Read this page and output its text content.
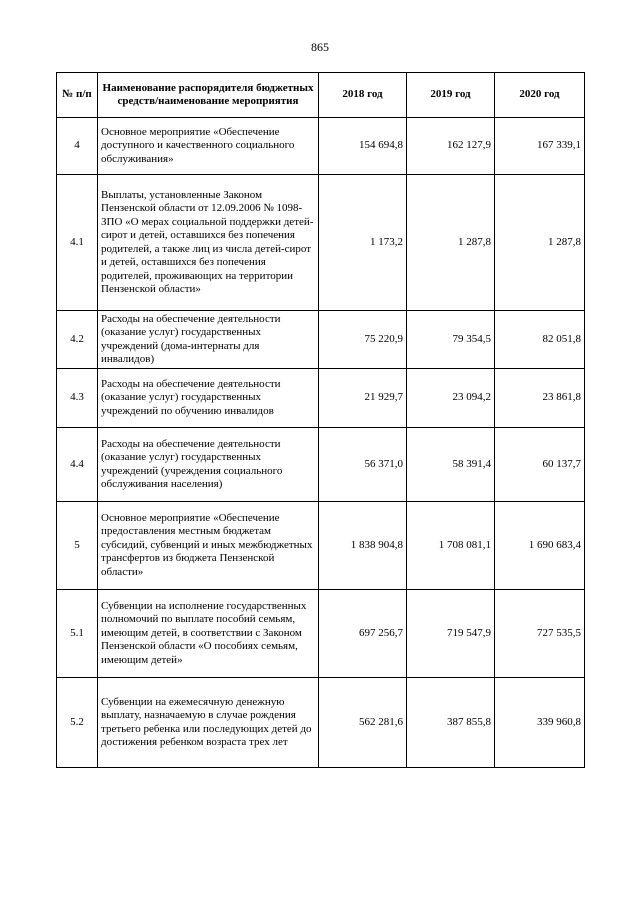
865
№ п/п	Наименование распорядителя бюджетных средств/наименование мероприятия	2018 год	2019 год	2020 год
4	Основное мероприятие «Обеспечение доступного и качественного социального обслуживания»	154 694,8	162 127,9	167 339,1
4.1	Выплаты, установленные Законом Пензенской области от 12.09.2006 № 1098-ЗПО «О мерах социальной поддержки детей-сирот и детей, оставшихся без попечения родителей, а также лиц из числа детей-сирот и детей, оставшихся без попечения родителей, проживающих на территории Пензенской области»	1 173,2	1 287,8	1 287,8
4.2	Расходы на обеспечение деятельности (оказание услуг) государственных учреждений (дома-интернаты для инвалидов)	75 220,9	79 354,5	82 051,8
4.3	Расходы на обеспечение деятельности (оказание услуг) государственных учреждений по обучению инвалидов	21 929,7	23 094,2	23 861,8
4.4	Расходы на обеспечение деятельности (оказание услуг) государственных учреждений (учреждения социального обслуживания населения)	56 371,0	58 391,4	60 137,7
5	Основное мероприятие «Обеспечение предоставления местным бюджетам субсидий, субвенций и иных межбюджетных трансфертов из бюджета Пензенской области»	1 838 904,8	1 708 081,1	1 690 683,4
5.1	Субвенции на исполнение государственных полномочий по выплате пособий семьям, имеющим детей, в соответствии с Законом Пензенской области «О пособиях семьям, имеющим детей»	697 256,7	719 547,9	727 535,5
5.2	Субвенции на ежемесячную денежную выплату, назначаемую в случае рождения третьего ребенка или последующих детей до достижения ребенком возраста трех лет	562 281,6	387 855,8	339 960,8
